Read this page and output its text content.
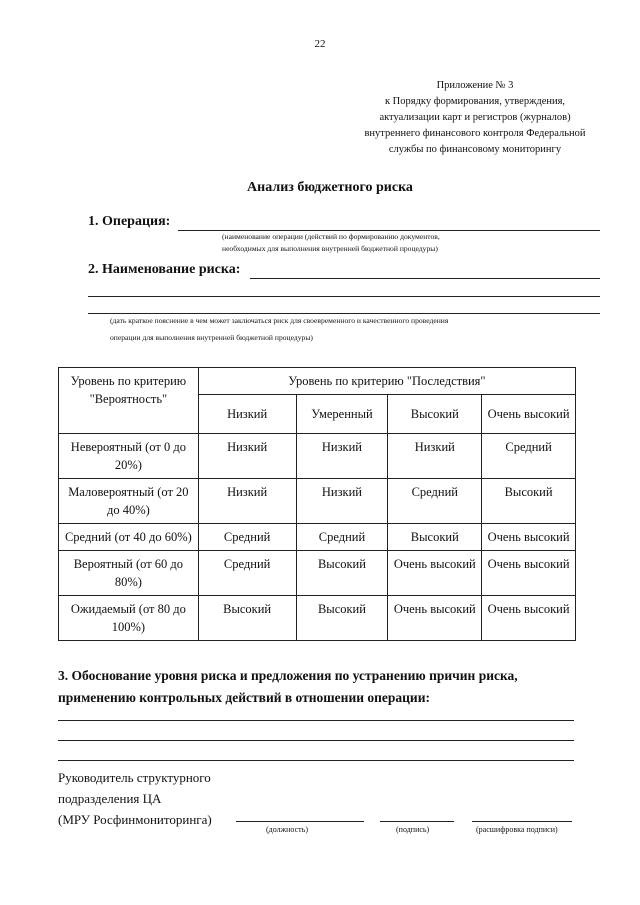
22
Приложение № 3
к Порядку формирования, утверждения,
актуализации карт и регистров (журналов)
внутреннего финансового контроля Федеральной
службы по финансовому мониторингу
Анализ бюджетного риска
1. Операция:
(наименование операции (действий по формированию документов,
необходимых для выполнения внутренней бюджетной процедуры)
2. Наименование риска:
(дать краткое пояснение в чем может заключаться риск для своевременного и качественного проведения
операции для выполнения внутренней бюджетной процедуры)
Уровень по критерию "Вероятность"	Уровень по критерию "Последствия"			
	Низкий	Умеренный	Высокий	Очень высокий
Невероятный (от 0 до 20%)	Низкий	Низкий	Низкий	Средний
Маловероятный (от 20 до 40%)	Низкий	Низкий	Средний	Высокий
Средний (от 40 до 60%)	Средний	Средний	Высокий	Очень высокий
Вероятный (от 60 до 80%)	Средний	Высокий	Очень высокий	Очень высокий
Ожидаемый (от 80 до 100%)	Высокий	Высокий	Очень высокий	Очень высокий
3. Обоснование уровня риска и предложения по устранению причин риска,
применению контрольных действий в отношении операции:
Руководитель структурного
подразделения ЦА
(МРУ Росфинмониторинга)
(должность)	(подпись)	(расшифровка подписи)
